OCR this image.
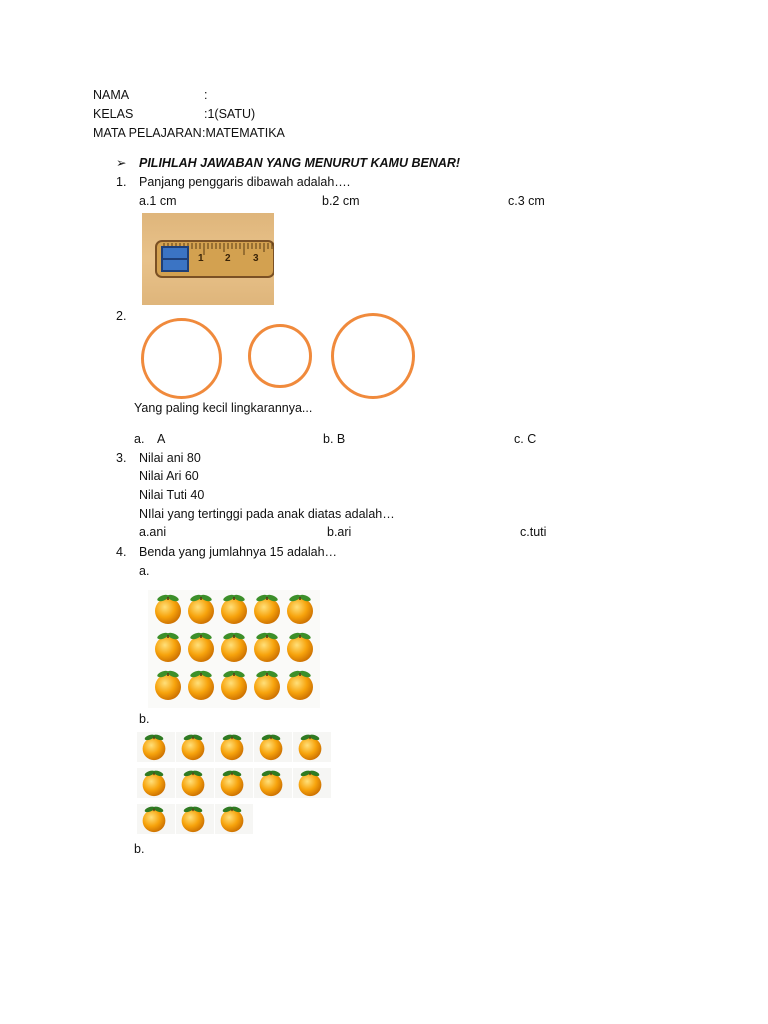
NAMA	:
KELAS	:1(SATU)
MATA PELAJARAN :MATEMATIKA
➢ PILIHLAH JAWABAN YANG MENURUT KAMU BENAR!
1. Panjang penggaris dibawah adalah….
a.1 cm	b.2 cm	c.3 cm
1 2 3
2.
Yang paling kecil lingkarannya...
a. A	b. B	c. C
3. Nilai ani 80
Nilai Ari 60
Nilai Tuti 40
NIlai yang tertinggi pada anak diatas adalah…
a.ani	b.ari	c.tuti
4. Benda yang jumlahnya 15 adalah…
a.
b.
b.
